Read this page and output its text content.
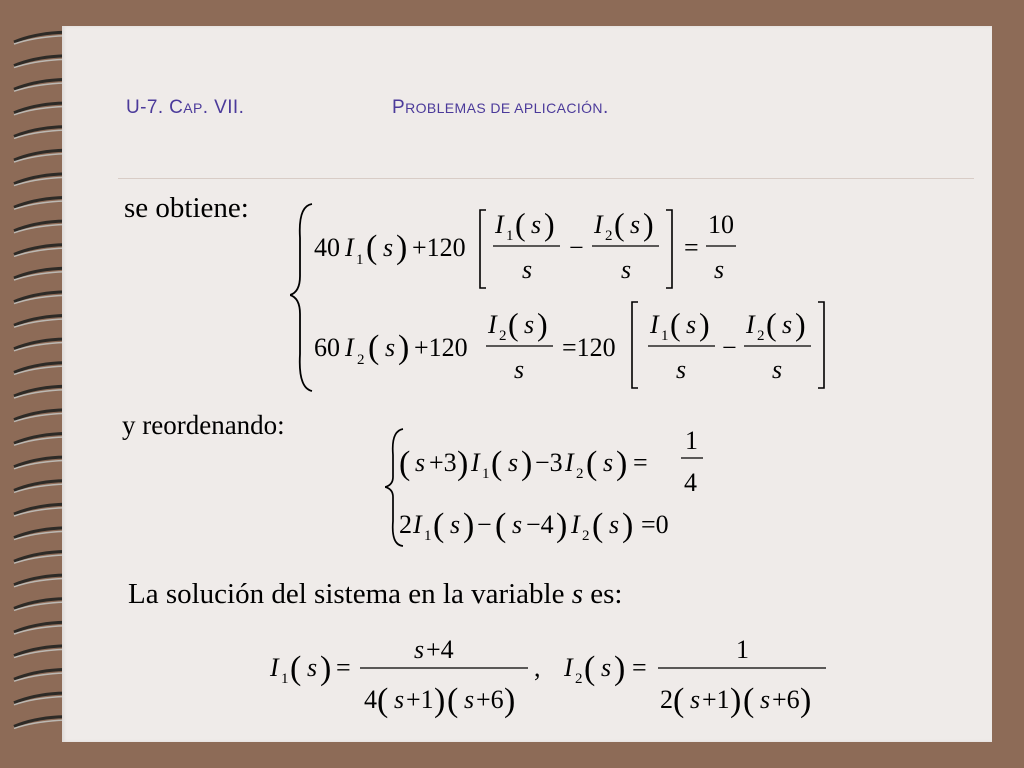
U-7. CAP. VII.	PROBLEMAS DE APLICACIÓN.
se obtiene:
y reordenando:
La solución del sistema en la variable s es:
40 I 1 ( s ) +120
I 1 ( s )
s
−
I 2 ( s )
s
=
10
s
60 I 2 ( s ) +120
I 2 ( s )
s
=120
I 1 ( s )
s
−
I 2 ( s )
s
( s +3 ) I 1 ( s ) −3 I 2 ( s ) =
1
4
2 I 1 ( s ) − ( s −4 ) I 2 ( s ) =0
I 1 ( s ) =
s +4
4 ( s +1 ) ( s +6 )
, I 2 ( s ) =
1
2 ( s +1 ) ( s +6 )
